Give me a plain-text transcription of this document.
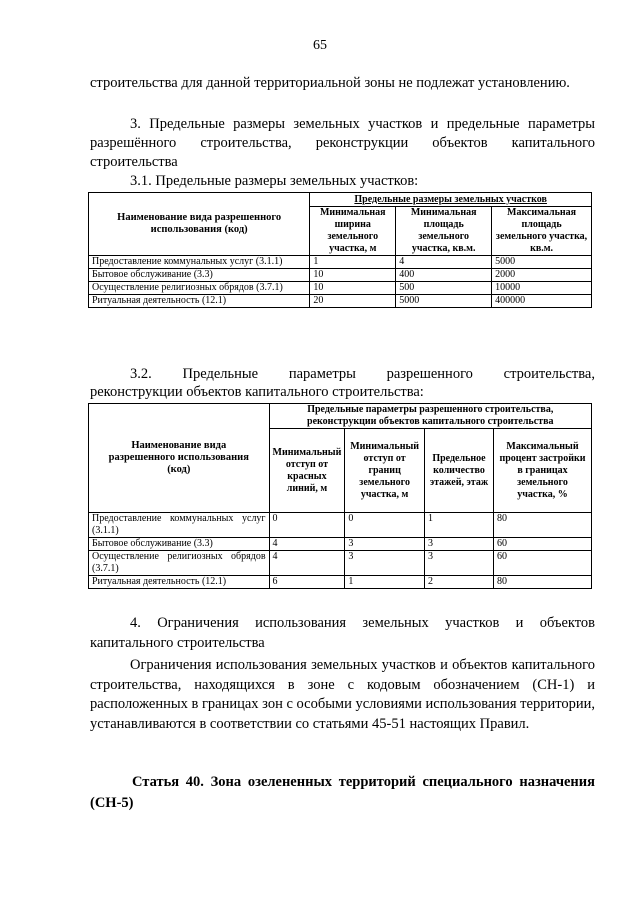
65
строительства для данной территориальной зоны не подлежат установлению.
3. Предельные размеры земельных участков и предельные параметры
разрешённого строительства, реконструкции объектов капитального
строительства
3.1. Предельные размеры земельных участков:
Наименование вида разрешенного использования (код)	Предельные размеры земельных участков		
	Минимальная ширина земельного участка, м	Минимальная площадь земельного участка, кв.м.	Максимальная площадь земельного участка, кв.м.
Предоставление коммунальных услуг (3.1.1)	1	4	5000
Бытовое обслуживание (3.3)	10	400	2000
Осуществление религиозных обрядов (3.7.1)	10	500	10000
Ритуальная деятельность (12.1)	20	5000	400000
3.2. Предельные параметры разрешенного строительства,
реконструкции объектов капитального строительства:
Наименование вида разрешенного использования (код)	Предельные параметры разрешенного строительства, реконструкции объектов капитального строительства			
	Минимальный отступ от красных линий, м	Минимальный отступ от границ земельного участка, м	Предельное количество этажей, этаж	Максимальный процент застройки в границах земельного участка, %
Предоставление коммунальных услуг (3.1.1)	0	0	1	80
Бытовое обслуживание (3.3)	4	3	3	60
Осуществление религиозных обрядов (3.7.1)	4	3	3	60
Ритуальная деятельность (12.1)	6	1	2	80
4. Ограничения использования земельных участков и объектов
капитального строительства
Ограничения использования земельных участков и объектов капитального строительства, находящихся в зоне с кодовым обозначением (СН-1) и расположенных в границах зон с особыми условиями использования территории, устанавливаются в соответствии со статьями 45-51 настоящих Правил.
Статья 40. Зона озелененных территорий специального назначения
(СН-5)
